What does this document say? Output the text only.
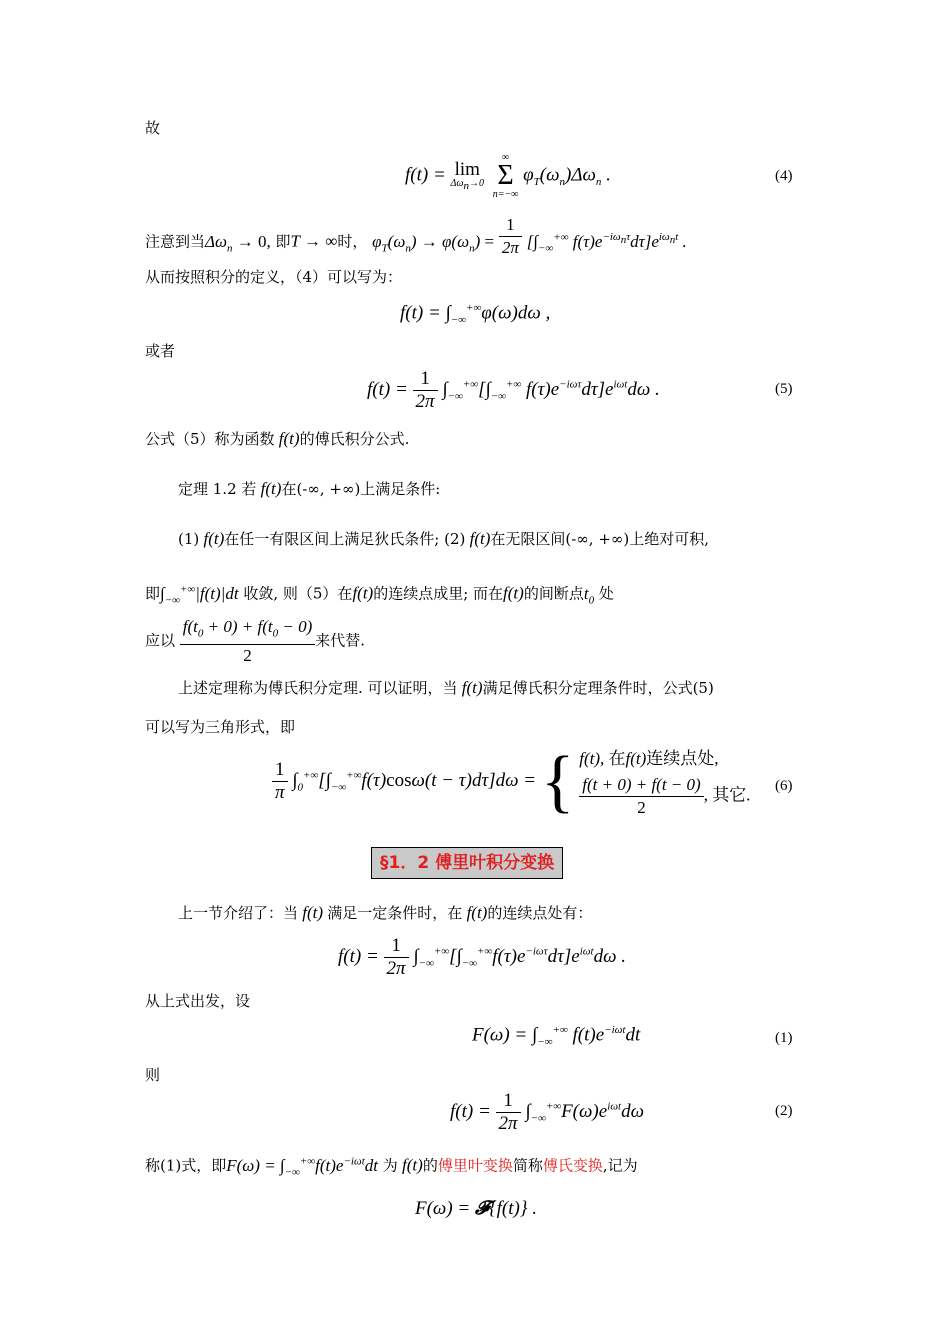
故
f(t) = lim
$\Delta\omega_n\to 0$

∞
Σ
n=−∞
$\varphi_T(\omega_n)\Delta\omega_n$ .	(4)
注意到当$\Delta\omega_n \to 0$, 即T → ∞时， $\varphi_T(\omega_n) \to \varphi(\omega_n) = \frac{1}{2\pi} [\int_{-\infty}^{+\infty}$ $f(\tau)e^{-i\omega_n\tau}d\tau]e^{i\omega_nt}$ .
从而按照积分的定义，（4）可以写为：
$f(t) = \int_{-\infty}^{+\infty}\varphi(\omega)d\omega$ ,
或者
$f(t) = \frac{1}{2\pi} \int_{-\infty}^{+\infty}[\int_{-\infty}^{+\infty}$ $f(\tau)e^{-i\omega\tau}d\tau]e^{i\omega t}d\omega$ .	(5)
公式（5）称为函数 f(t)的傅氏积分公式.
定理 1.2 若 f(t)在(-∞, +∞)上满足条件:
(1) f(t)在任一有限区间上满足狄氏条件; (2) f(t)在无限区间(-∞, +∞)上绝对可积,
即$\int_{-\infty}^{+\infty}|f(t)|dt$ 收敛, 则（5）在f(t)的连续点成里; 而在f(t)的间断点$t_0$ 处
应以 $\frac{f(t_0 + 0) + f(t_0 - 0)}{2}$ 来代替.
上述定理称为傅氏积分定理. 可以证明，当 f(t)满足傅氏积分定理条件时，公式(5)
可以写为三角形式，即
$\frac{1}{\pi} \int_0^{+\infty}[\int_{-\infty}^{+\infty}f(\tau)\cos\omega(t - \tau)d\tau]d\omega$ = { f(t), 在f(t)连续点处,
$\frac{f(t + 0) + f(t - 0)}{2}$ , 其它. (6)
§1．2 傅里叶积分变换
上一节介绍了：当 f(t) 满足一定条件时，在 f(t)的连续点处有：
$f(t) = \frac{1}{2\pi} \int_{-\infty}^{+\infty}[\int_{-\infty}^{+\infty}f(\tau)e^{-i\omega\tau}d\tau]e^{i\omega t}d\omega$ .
从上式出发，设
$F(\omega) = \int_{-\infty}^{+\infty}$ $f(t)e^{-i\omega t}dt$	(1)
则
$f(t) = \frac{1}{2\pi} \int_{-\infty}^{+\infty}F(\omega)e^{i\omega t}d\omega$	(2)
称(1)式，即$F(\omega) = \int_{-\infty}^{+\infty}f(t)e^{-i\omega t}dt$ 为 f(t)的傅里叶变换简称傅氏变换,记为
F(ω) = 𝓕{f(t)} .
